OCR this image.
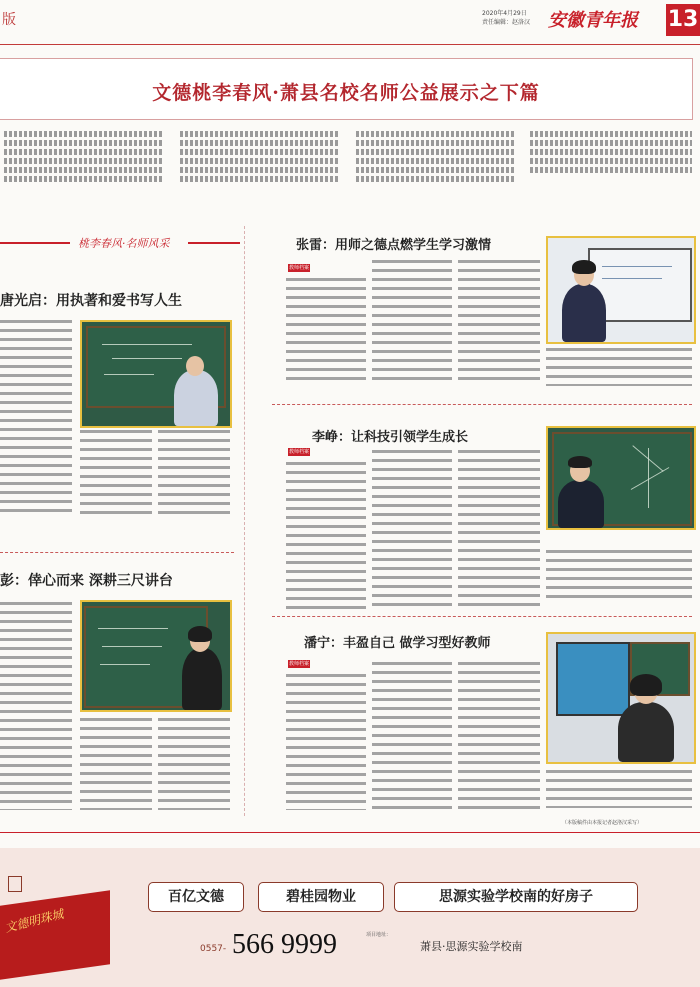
版	2020年4月29日
责任编辑：赵洛汉 安徽青年报 13
文德桃李春风·萧县名校名师公益展示之下篇
桃李春风·名师风采
唐光启：用执著和爱书写人生
彭：倖心而来 深耕三尺讲台
张雷：用师之德点燃学生学习激情
教师档案
李峥：让科技引领学生成长
教师档案
潘宁：丰盈自己 做学习型好教师
教师档案
（本版稿件由本报记者赵洛汉采写）
文德明珠城
百亿文德	碧桂园物业	思源实验学校南的好房子
0557- 566 9999	项目地址：
萧县·思源实验学校南
